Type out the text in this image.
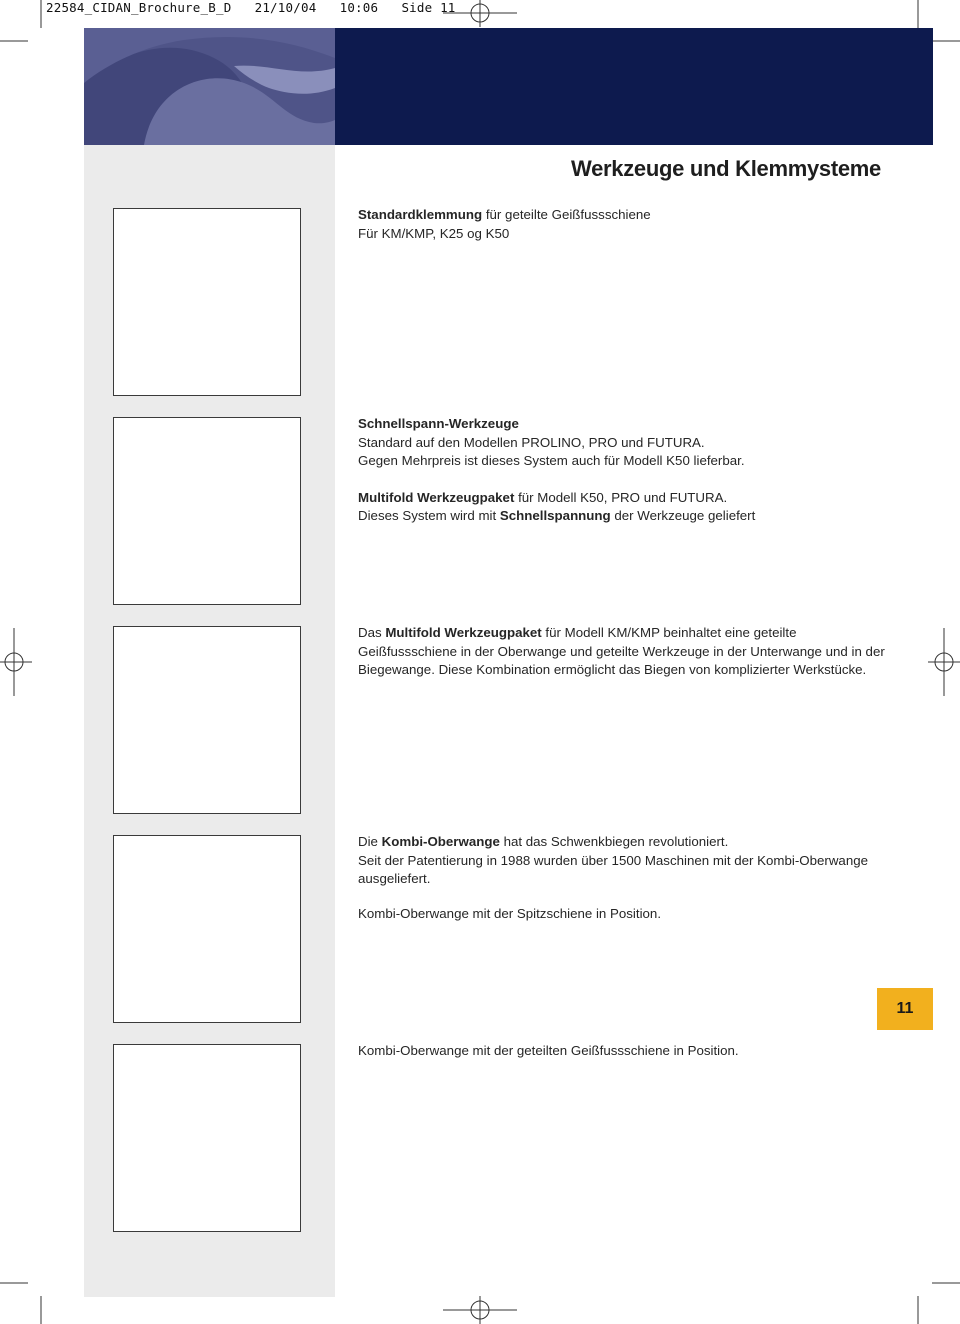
22584_CIDAN_Brochure_B_D 21/10/04 10:06 Side 11
Werkzeuge und Klemmysteme
Standardklemmung für geteilte Geißfussschiene
Für KM/KMP, K25 og K50
Schnellspann-Werkzeuge
Standard auf den Modellen PROLINO, PRO und FUTURA.
Gegen Mehrpreis ist dieses System auch für Modell K50 lieferbar.
Multifold Werkzeugpaket für Modell K50, PRO und FUTURA.
Dieses System wird mit Schnellspannung der Werkzeuge geliefert
Das Multifold Werkzeugpaket für Modell KM/KMP beinhaltet eine geteilte Geißfussschiene in der Oberwange und geteilte Werkzeuge in der Unterwange und in der Biegewange. Diese Kombination ermöglicht das Biegen von komplizierter Werkstücke.
Die Kombi-Oberwange hat das Schwenkbiegen revolutioniert.
Seit der Patentierung in 1988 wurden über 1500 Maschinen mit der Kombi-Oberwange ausgeliefert.
Kombi-Oberwange mit der Spitzschiene in Position.
Kombi-Oberwange mit der geteilten Geißfussschiene in Position.
11
